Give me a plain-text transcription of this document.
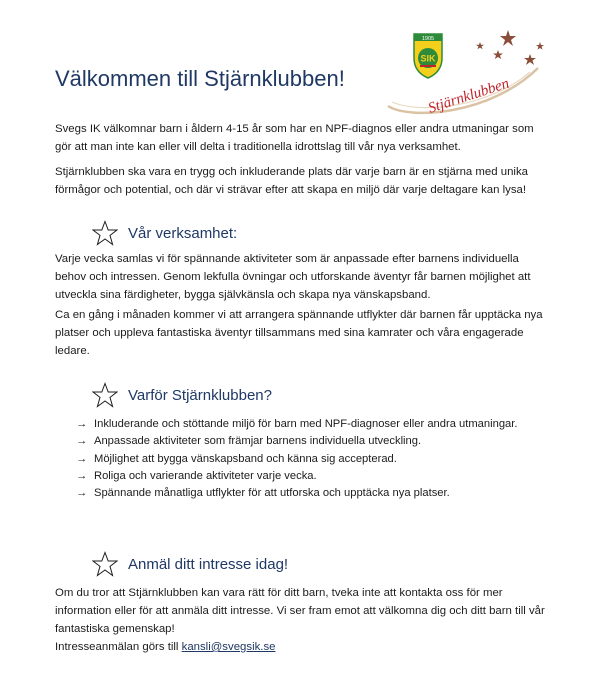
1905
SIK
Stjärnklubben
Välkommen till Stjärnklubben!

Svegs IK välkomnar barn i åldern 4-15 år som har en NPF-diagnos eller andra utmaningar som gör att man inte kan eller vill delta i traditionella idrottslag till vår nya verksamhet.

Stjärnklubben ska vara en trygg och inkluderande plats där varje barn är en stjärna med unika förmågor och potential, och där vi strävar efter att skapa en miljö där varje deltagare kan lysa!

Vår verksamhet:

Varje vecka samlas vi för spännande aktiviteter som är anpassade efter barnens individuella behov och intressen. Genom lekfulla övningar och utforskande äventyr får barnen möjlighet att utveckla sina färdigheter, bygga självkänsla och skapa nya vänskapsband.

Ca en gång i månaden kommer vi att arrangera spännande utflykter där barnen får upptäcka nya platser och uppleva fantastiska äventyr tillsammans med sina kamrater och våra engagerade ledare.

Varför Stjärnklubben?
→ Inkluderande och stöttande miljö för barn med NPF-diagnoser eller andra utmaningar.
→ Anpassade aktiviteter som främjar barnens individuella utveckling.
→ Möjlighet att bygga vänskapsband och känna sig accepterad.
→ Roliga och varierande aktiviteter varje vecka.
→ Spännande månatliga utflykter för att utforska och upptäcka nya platser.
Anmäl ditt intresse idag!

Om du tror att Stjärnklubben kan vara rätt för ditt barn, tveka inte att kontakta oss för mer information eller för att anmäla ditt intresse. Vi ser fram emot att välkomna dig och ditt barn till vår fantastiska gemenskap!

Intresseanmälan görs till kansli@svegsik.se
